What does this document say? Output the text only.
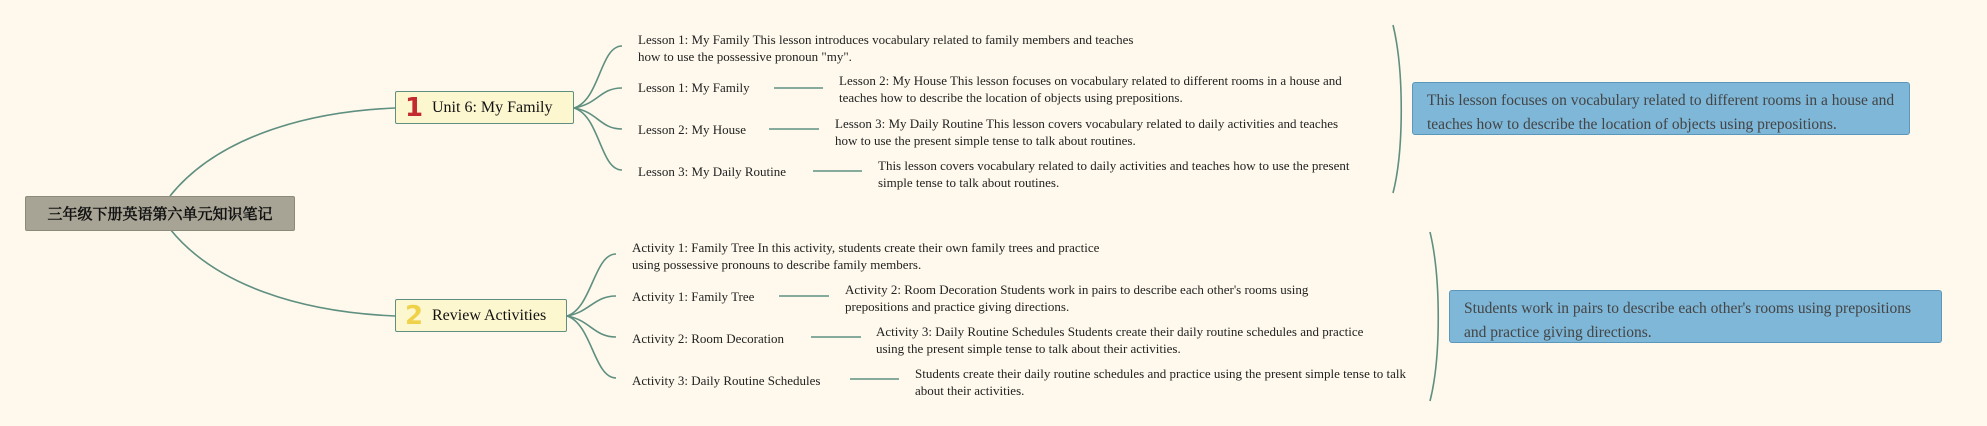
三年级下册英语第六单元知识笔记
1 Unit 6: My Family
Lesson 1: My Family This lesson introduces vocabulary related to family members and teaches how to use the possessive pronoun "my".
Lesson 1: My Family	Lesson 2: My House This lesson focuses on vocabulary related to different rooms in a house and teaches how to describe the location of objects using prepositions.
Lesson 2: My House	Lesson 3: My Daily Routine This lesson covers vocabulary related to daily activities and teaches how to use the present simple tense to talk about routines.
Lesson 3: My Daily Routine	This lesson covers vocabulary related to daily activities and teaches how to use the present simple tense to talk about routines.
This lesson focuses on vocabulary related to different rooms in a house and teaches how to describe the location of objects using prepositions.
2 Review Activities
Activity 1: Family Tree In this activity, students create their own family trees and practice using possessive pronouns to describe family members.
Activity 1: Family Tree	Activity 2: Room Decoration Students work in pairs to describe each other's rooms using prepositions and practice giving directions.
Activity 2: Room Decoration	Activity 3: Daily Routine Schedules Students create their daily routine schedules and practice using the present simple tense to talk about their activities.
Activity 3: Daily Routine Schedules	Students create their daily routine schedules and practice using the present simple tense to talk about their activities.
Students work in pairs to describe each other's rooms using prepositions and practice giving directions.
